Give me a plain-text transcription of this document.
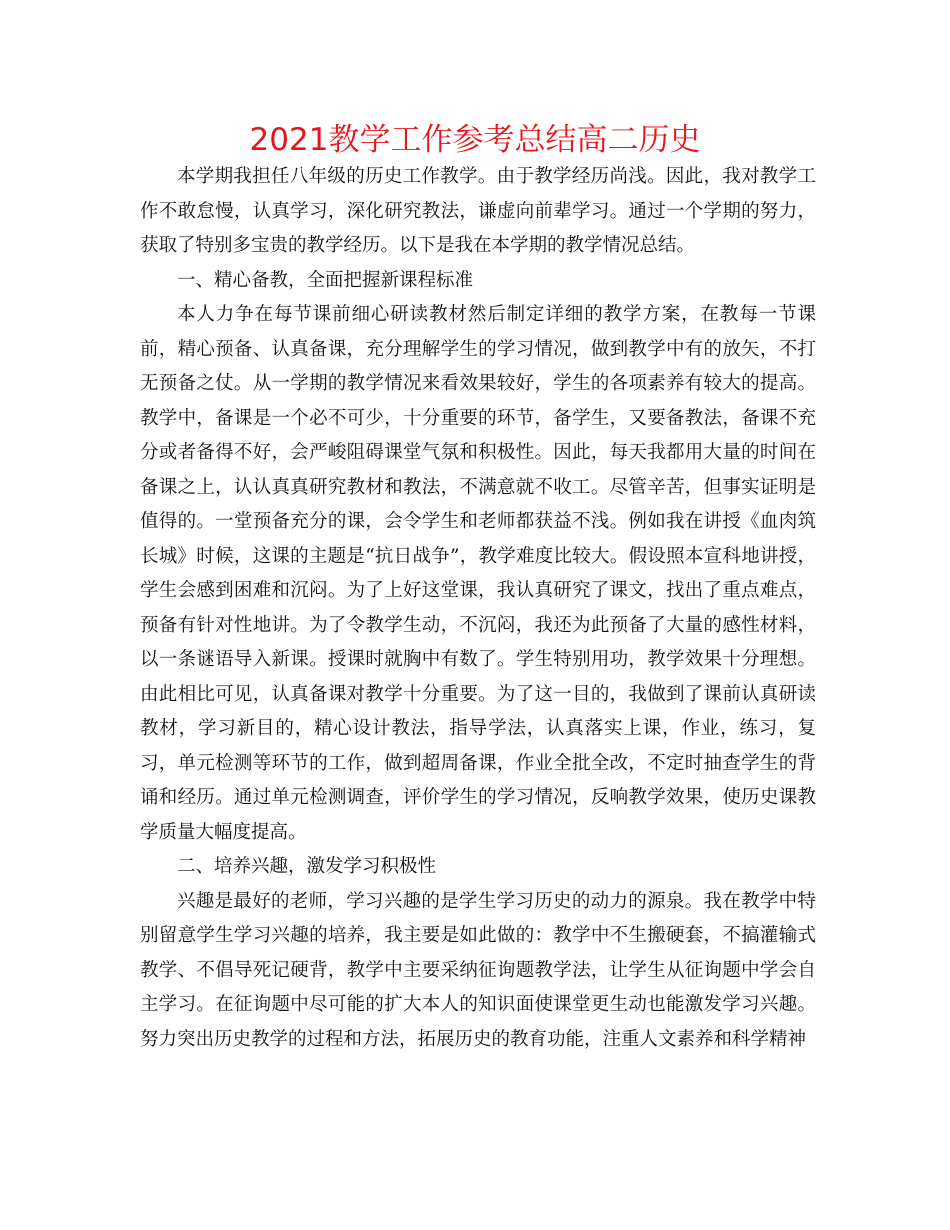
2021教学工作参考总结高二历史

本学期我担任八年级的历史工作教学。由于教学经历尚浅。因此，我对教学工作不敢怠慢，认真学习，深化研究教法，谦虚向前辈学习。通过一个学期的努力，获取了特别多宝贵的教学经历。以下是我在本学期的教学情况总结。

一、精心备教，全面把握新课程标准

本人力争在每节课前细心研读教材然后制定详细的教学方案，在教每一节课前，精心预备、认真备课，充分理解学生的学习情况，做到教学中有的放矢，不打无预备之仗。从一学期的教学情况来看效果较好，学生的各项素养有较大的提高。教学中，备课是一个必不可少，十分重要的环节，备学生，又要备教法，备课不充分或者备得不好，会严峻阻碍课堂气氛和积极性。因此，每天我都用大量的时间在备课之上，认认真真研究教材和教法，不满意就不收工。尽管辛苦，但事实证明是值得的。一堂预备充分的课，会令学生和老师都获益不浅。例如我在讲授《血肉筑长城》时候，这课的主题是“抗日战争”，教学难度比较大。假设照本宣科地讲授，学生会感到困难和沉闷。为了上好这堂课，我认真研究了课文，找出了重点难点，预备有针对性地讲。为了令教学生动，不沉闷，我还为此预备了大量的感性材料，以一条谜语导入新课。授课时就胸中有数了。学生特别用功，教学效果十分理想。由此相比可见，认真备课对教学十分重要。为了这一目的，我做到了课前认真研读教材，学习新目的，精心设计教法，指导学法，认真落实上课，作业，练习，复习，单元检测等环节的工作，做到超周备课，作业全批全改，不定时抽查学生的背诵和经历。通过单元检测调查，评价学生的学习情况，反响教学效果，使历史课教学质量大幅度提高。

二、培养兴趣，激发学习积极性

兴趣是最好的老师，学习兴趣的是学生学习历史的动力的源泉。我在教学中特别留意学生学习兴趣的培养，我主要是如此做的：教学中不生搬硬套，不搞灌输式教学、不倡导死记硬背，教学中主要采纳征询题教学法，让学生从征询题中学会自主学习。在征询题中尽可能的扩大本人的知识面使课堂更生动也能激发学习兴趣。努力突出历史教学的过程和方法，拓展历史的教育功能，注重人文素养和科学精神
